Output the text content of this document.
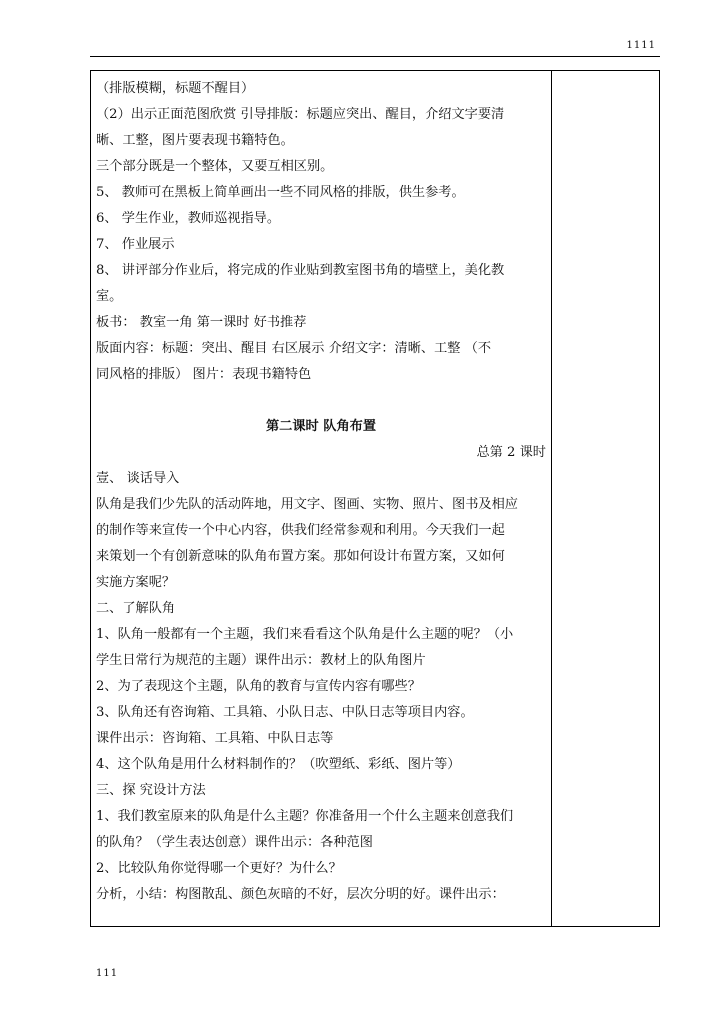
1111

（排版模糊，标题不醒目）

（2）出示正面范图欣赏 引导排版：标题应突出、醒目，介绍文字要清

晰、工整，图片要表现书籍特色。

三个部分既是一个整体，又要互相区别。

5、 教师可在黑板上简单画出一些不同风格的排版，供生参考。

6、 学生作业，教师巡视指导。

7、 作业展示

8、 讲评部分作业后，将完成的作业贴到教室图书角的墙壁上，美化教

室。

板书： 教室一角 第一课时 好书推荐

版面内容：标题：突出、醒目 右区展示 介绍文字：清晰、工整 （不

同风格的排版） 图片：表现书籍特色

第二课时 队角布置

总第 2 课时

壹、 谈话导入

队角是我们少先队的活动阵地，用文字、图画、实物、照片、图书及相应

的制作等来宣传一个中心内容，供我们经常参观和利用。今天我们一起

来策划一个有创新意味的队角布置方案。那如何设计布置方案，又如何

实施方案呢？

二、了解队角

1、队角一般都有一个主题，我们来看看这个队角是什么主题的呢？（小

学生日常行为规范的主题）课件出示：教材上的队角图片

2、为了表现这个主题，队角的教育与宣传内容有哪些？

3、队角还有咨询箱、工具箱、小队日志、中队日志等项目内容。

课件出示：咨询箱、工具箱、中队日志等

4、这个队角是用什么材料制作的？（吹塑纸、彩纸、图片等）

三、探 究设计方法

1、我们教室原来的队角是什么主题？你准备用一个什么主题来创意我们

的队角？（学生表达创意）课件出示：各种范图

2、比较队角你觉得哪一个更好？为什么？

分析，小结：构图散乱、颜色灰暗的不好，层次分明的好。课件出示：

111
